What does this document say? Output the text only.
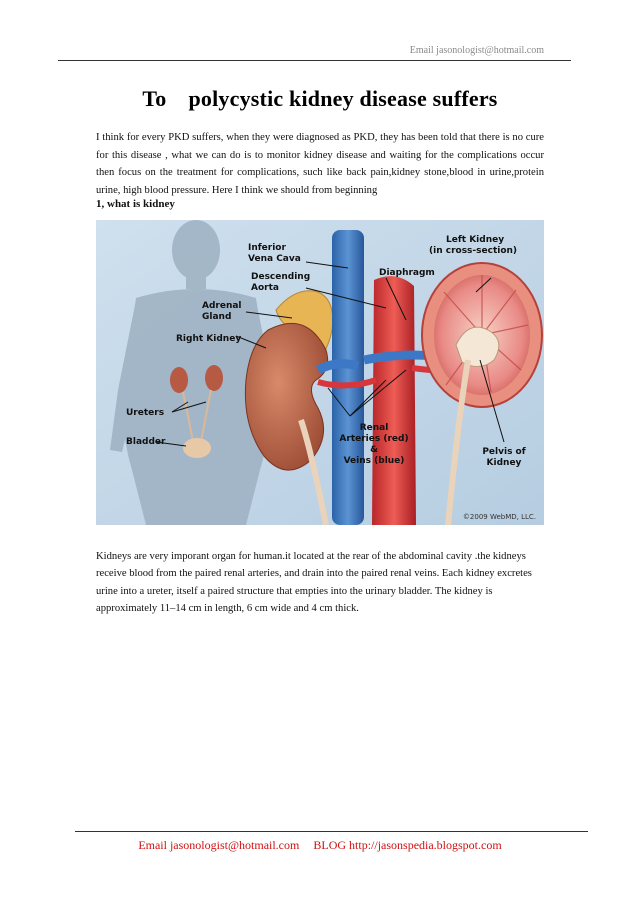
Email jasonologist@hotmail.com
To polycystic kidney disease suffers
I think for every PKD suffers, when they were diagnosed as PKD, they has been told that there is no cure for this disease , what we can do is to monitor kidney disease and waiting for the complications occur then focus on the treatment for complications, such like back pain,kidney stone,blood in urine,protein urine, high blood pressure. Here I think we should from beginning
1, what is kidney
Inferior
Vena Cava
Descending
Aorta
Adrenal
Gland
Right Kidney
Ureters
Bladder
Diaphragm
Left Kidney
(in cross-section)
Renal
Arteries (red)
&
Veins (blue)
Pelvis of
Kidney
©2009 WebMD, LLC.
Kidneys are very imporant organ for human.it located at the rear of the abdominal cavity .the kidneys receive blood from the paired renal arteries, and drain into the paired renal veins. Each kidney excretes urine into a ureter, itself a paired structure that empties into the urinary bladder. The kidney is approximately 11–14 cm in length, 6 cm wide and 4 cm thick.
Email jasonologist@hotmail.com BLOG http://jasonspedia.blogspot.com
